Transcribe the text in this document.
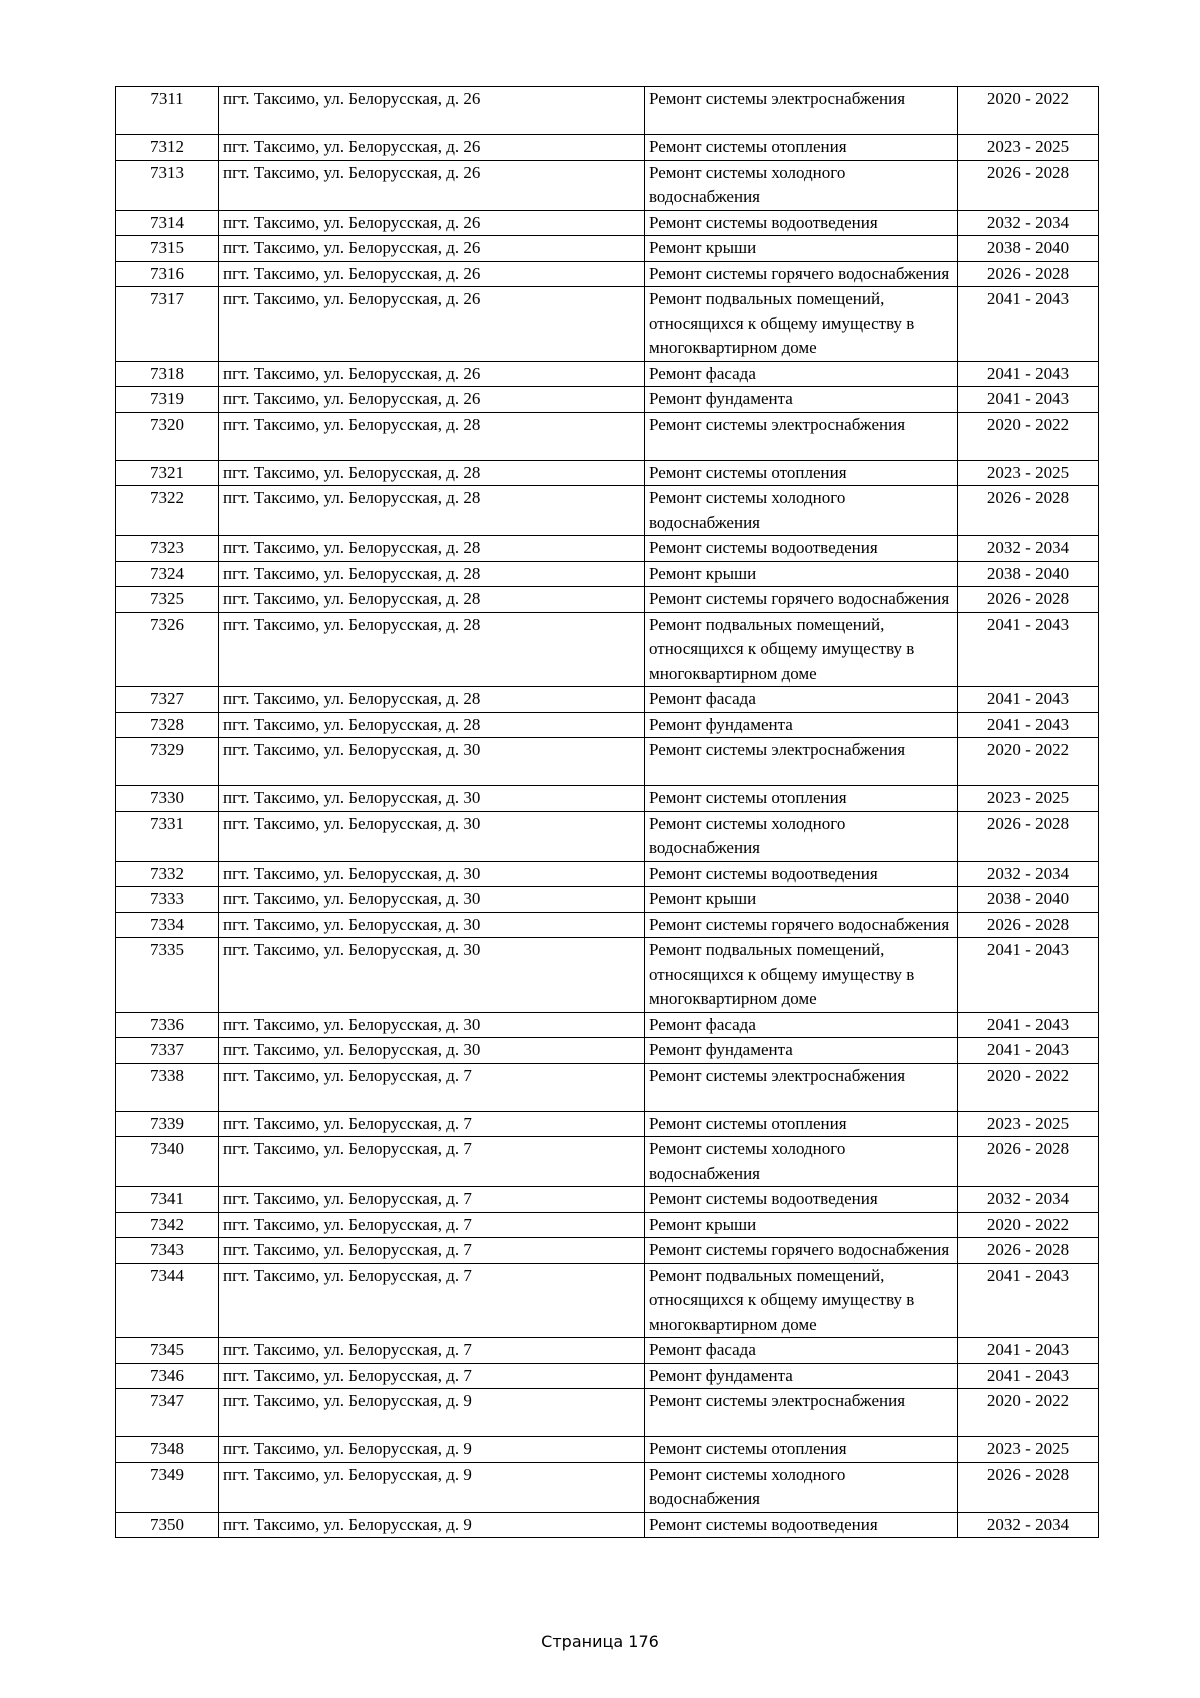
7311	пгт. Таксимо, ул. Белорусская, д. 26	Ремонт системы электроснабжения	2020 - 2022
7312	пгт. Таксимо, ул. Белорусская, д. 26	Ремонт системы отопления	2023 - 2025
7313	пгт. Таксимо, ул. Белорусская, д. 26	Ремонт системы холодного водоснабжения	2026 - 2028
7314	пгт. Таксимо, ул. Белорусская, д. 26	Ремонт системы водоотведения	2032 - 2034
7315	пгт. Таксимо, ул. Белорусская, д. 26	Ремонт крыши	2038 - 2040
7316	пгт. Таксимо, ул. Белорусская, д. 26	Ремонт системы горячего водоснабжения	2026 - 2028
7317	пгт. Таксимо, ул. Белорусская, д. 26	Ремонт подвальных помещений, относящихся к общему имуществу в многоквартирном доме	2041 - 2043
7318	пгт. Таксимо, ул. Белорусская, д. 26	Ремонт фасада	2041 - 2043
7319	пгт. Таксимо, ул. Белорусская, д. 26	Ремонт фундамента	2041 - 2043
7320	пгт. Таксимо, ул. Белорусская, д. 28	Ремонт системы электроснабжения	2020 - 2022
7321	пгт. Таксимо, ул. Белорусская, д. 28	Ремонт системы отопления	2023 - 2025
7322	пгт. Таксимо, ул. Белорусская, д. 28	Ремонт системы холодного водоснабжения	2026 - 2028
7323	пгт. Таксимо, ул. Белорусская, д. 28	Ремонт системы водоотведения	2032 - 2034
7324	пгт. Таксимо, ул. Белорусская, д. 28	Ремонт крыши	2038 - 2040
7325	пгт. Таксимо, ул. Белорусская, д. 28	Ремонт системы горячего водоснабжения	2026 - 2028
7326	пгт. Таксимо, ул. Белорусская, д. 28	Ремонт подвальных помещений, относящихся к общему имуществу в многоквартирном доме	2041 - 2043
7327	пгт. Таксимо, ул. Белорусская, д. 28	Ремонт фасада	2041 - 2043
7328	пгт. Таксимо, ул. Белорусская, д. 28	Ремонт фундамента	2041 - 2043
7329	пгт. Таксимо, ул. Белорусская, д. 30	Ремонт системы электроснабжения	2020 - 2022
7330	пгт. Таксимо, ул. Белорусская, д. 30	Ремонт системы отопления	2023 - 2025
7331	пгт. Таксимо, ул. Белорусская, д. 30	Ремонт системы холодного водоснабжения	2026 - 2028
7332	пгт. Таксимо, ул. Белорусская, д. 30	Ремонт системы водоотведения	2032 - 2034
7333	пгт. Таксимо, ул. Белорусская, д. 30	Ремонт крыши	2038 - 2040
7334	пгт. Таксимо, ул. Белорусская, д. 30	Ремонт системы горячего водоснабжения	2026 - 2028
7335	пгт. Таксимо, ул. Белорусская, д. 30	Ремонт подвальных помещений, относящихся к общему имуществу в многоквартирном доме	2041 - 2043
7336	пгт. Таксимо, ул. Белорусская, д. 30	Ремонт фасада	2041 - 2043
7337	пгт. Таксимо, ул. Белорусская, д. 30	Ремонт фундамента	2041 - 2043
7338	пгт. Таксимо, ул. Белорусская, д. 7	Ремонт системы электроснабжения	2020 - 2022
7339	пгт. Таксимо, ул. Белорусская, д. 7	Ремонт системы отопления	2023 - 2025
7340	пгт. Таксимо, ул. Белорусская, д. 7	Ремонт системы холодного водоснабжения	2026 - 2028
7341	пгт. Таксимо, ул. Белорусская, д. 7	Ремонт системы водоотведения	2032 - 2034
7342	пгт. Таксимо, ул. Белорусская, д. 7	Ремонт крыши	2020 - 2022
7343	пгт. Таксимо, ул. Белорусская, д. 7	Ремонт системы горячего водоснабжения	2026 - 2028
7344	пгт. Таксимо, ул. Белорусская, д. 7	Ремонт подвальных помещений, относящихся к общему имуществу в многоквартирном доме	2041 - 2043
7345	пгт. Таксимо, ул. Белорусская, д. 7	Ремонт фасада	2041 - 2043
7346	пгт. Таксимо, ул. Белорусская, д. 7	Ремонт фундамента	2041 - 2043
7347	пгт. Таксимо, ул. Белорусская, д. 9	Ремонт системы электроснабжения	2020 - 2022
7348	пгт. Таксимо, ул. Белорусская, д. 9	Ремонт системы отопления	2023 - 2025
7349	пгт. Таксимо, ул. Белорусская, д. 9	Ремонт системы холодного водоснабжения	2026 - 2028
7350	пгт. Таксимо, ул. Белорусская, д. 9	Ремонт системы водоотведения	2032 - 2034
Страница 176
